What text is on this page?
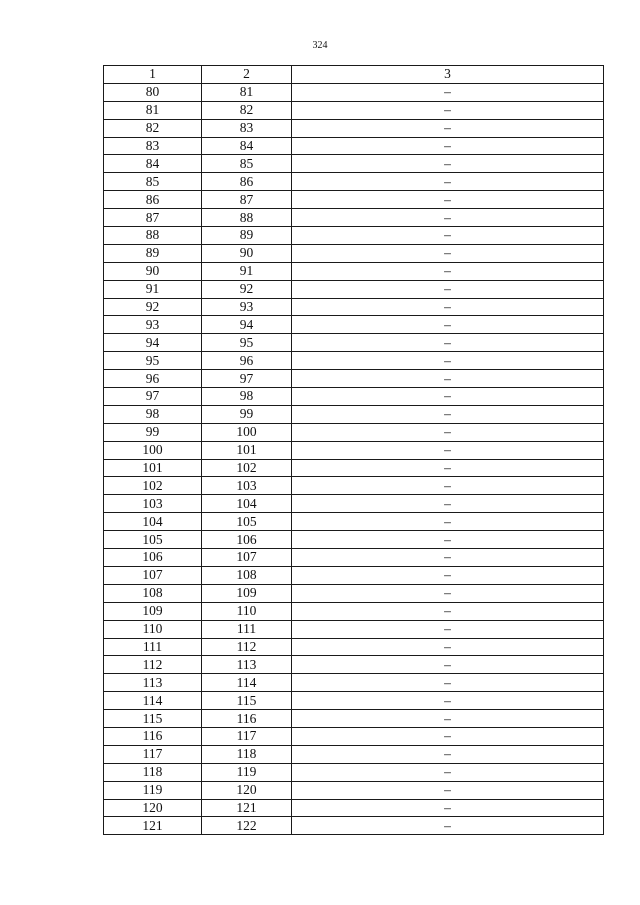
324
1	2	3
80	81	–
81	82	–
82	83	–
83	84	–
84	85	–
85	86	–
86	87	–
87	88	–
88	89	–
89	90	–
90	91	–
91	92	–
92	93	–
93	94	–
94	95	–
95	96	–
96	97	–
97	98	–
98	99	–
99	100	–
100	101	–
101	102	–
102	103	–
103	104	–
104	105	–
105	106	–
106	107	–
107	108	–
108	109	–
109	110	–
110	111	–
111	112	–
112	113	–
113	114	–
114	115	–
115	116	–
116	117	–
117	118	–
118	119	–
119	120	–
120	121	–
121	122	–
